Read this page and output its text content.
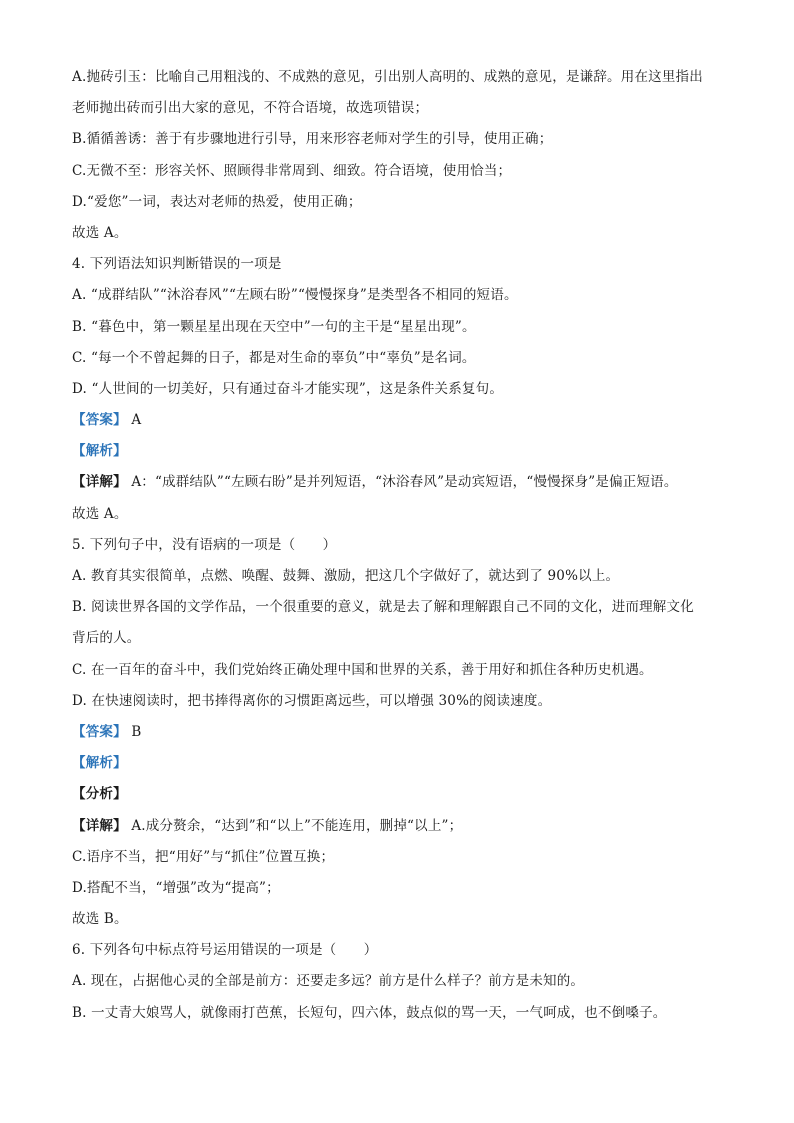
A.抛砖引玉：比喻自己用粗浅的、不成熟的意见，引出别人高明的、成熟的意见，是谦辞。用在这里指出
老师抛出砖而引出大家的意见，不符合语境，故选项错误；
B.循循善诱：善于有步骤地进行引导，用来形容老师对学生的引导，使用正确；
C.无微不至：形容关怀、照顾得非常周到、细致。符合语境，使用恰当；
D.“爱您”一词，表达对老师的热爱，使用正确；
故选 A。
4. 下列语法知识判断错误的一项是
A. “成群结队”“沐浴春风”“左顾右盼”“慢慢探身”是类型各不相同的短语。
B. “暮色中，第一颗星星出现在天空中”一句的主干是“星星出现”。
C. “每一个不曾起舞的日子，都是对生命的辜负”中“辜负”是名词。
D. “人世间的一切美好，只有通过奋斗才能实现”，这是条件关系复句。
【答案】 A
【解析】
【详解】 A：“成群结队”“左顾右盼”是并列短语，“沐浴春风”是动宾短语，“慢慢探身”是偏正短语。
故选 A。
5. 下列句子中，没有语病的一项是（　　）
A. 教育其实很简单，点燃、唤醒、鼓舞、激励，把这几个字做好了，就达到了 90%以上。
B. 阅读世界各国的文学作品，一个很重要的意义，就是去了解和理解跟自己不同的文化，进而理解文化
背后的人。
C. 在一百年的奋斗中，我们党始终正确处理中国和世界的关系，善于用好和抓住各种历史机遇。
D. 在快速阅读时，把书捧得离你的习惯距离远些，可以增强 30%的阅读速度。
【答案】 B
【解析】
【分析】
【详解】 A.成分赘余，“达到”和“以上”不能连用，删掉“以上”；
C.语序不当，把“用好”与“抓住”位置互换；
D.搭配不当，“增强”改为“提高”；
故选 B。
6. 下列各句中标点符号运用错误的一项是（　　）
A. 现在，占据他心灵的全部是前方：还要走多远？前方是什么样子？前方是未知的。
B. 一丈青大娘骂人，就像雨打芭蕉，长短句，四六体，鼓点似的骂一天，一气呵成，也不倒嗓子。
